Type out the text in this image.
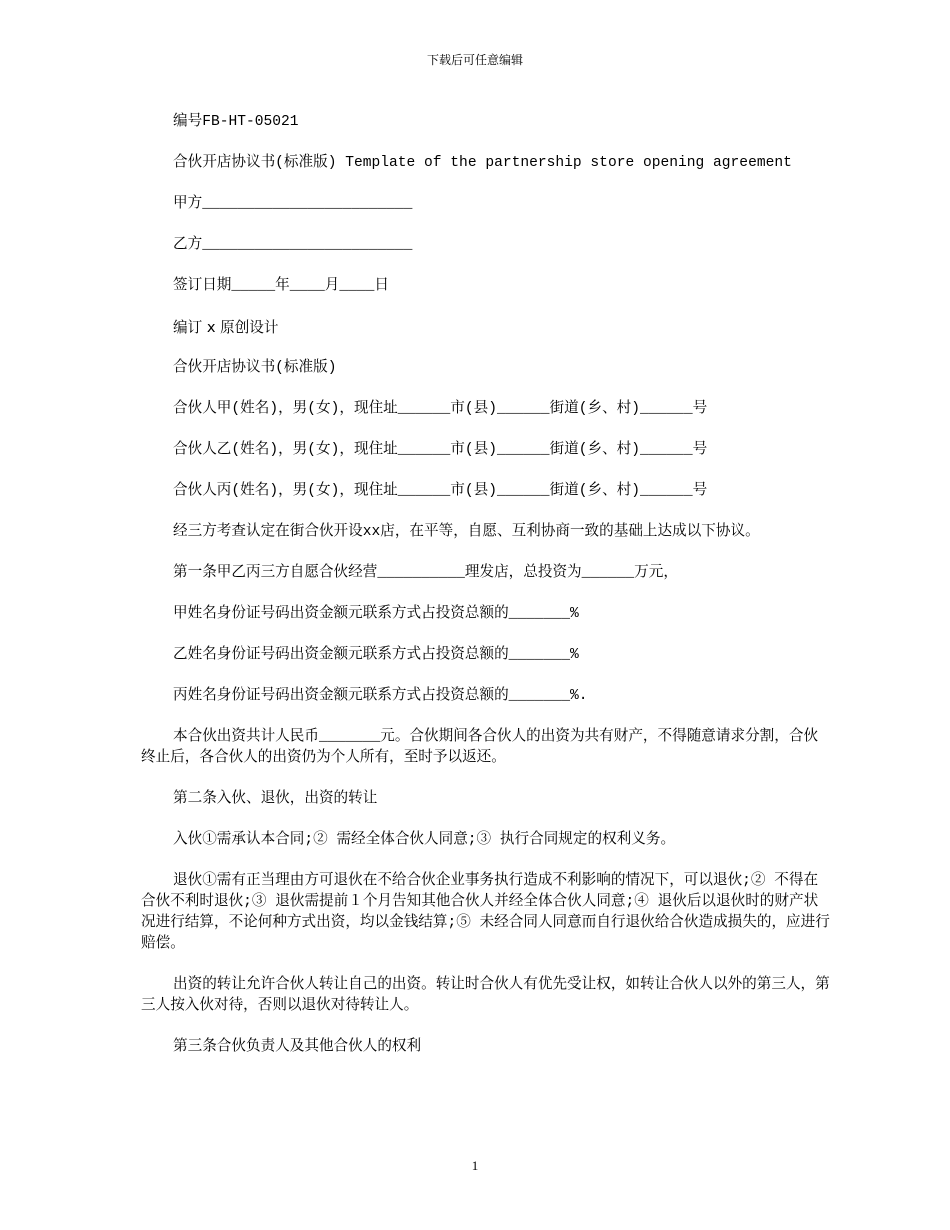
下载后可任意编辑

编号FB-HT-05021

合伙开店协议书(标准版) Template of the partnership store opening agreement

甲方________________________

乙方________________________

签订日期_____年____月____日

编订 x 原创设计

合伙开店协议书(标准版)

合伙人甲(姓名)，男(女)，现住址______市(县)______街道(乡、村)______号

合伙人乙(姓名)，男(女)，现住址______市(县)______街道(乡、村)______号

合伙人丙(姓名)，男(女)，现住址______市(县)______街道(乡、村)______号

经三方考查认定在街合伙开设xx店，在平等，自愿、互利协商一致的基础上达成以下协议。

第一条甲乙丙三方自愿合伙经营__________理发店，总投资为______万元，

甲姓名身份证号码出资金额元联系方式占投资总额的_______%

乙姓名身份证号码出资金额元联系方式占投资总额的_______%

丙姓名身份证号码出资金额元联系方式占投资总额的_______%.

本合伙出资共计人民币_______元。合伙期间各合伙人的出资为共有财产，不得随意请求分割，合伙终止后，各合伙人的出资仍为个人所有，至时予以返还。

第二条入伙、退伙，出资的转让

入伙①需承认本合同;② 需经全体合伙人同意;③ 执行合同规定的权利义务。

退伙①需有正当理由方可退伙在不给合伙企业事务执行造成不利影响的情况下，可以退伙;② 不得在合伙不利时退伙;③ 退伙需提前１个月告知其他合伙人并经全体合伙人同意;④ 退伙后以退伙时的财产状况进行结算，不论何种方式出资，均以金钱结算;⑤ 未经合同人同意而自行退伙给合伙造成损失的，应进行赔偿。

出资的转让允许合伙人转让自己的出资。转让时合伙人有优先受让权，如转让合伙人以外的第三人，第三人按入伙对待，否则以退伙对待转让人。

第三条合伙负责人及其他合伙人的权利

1
